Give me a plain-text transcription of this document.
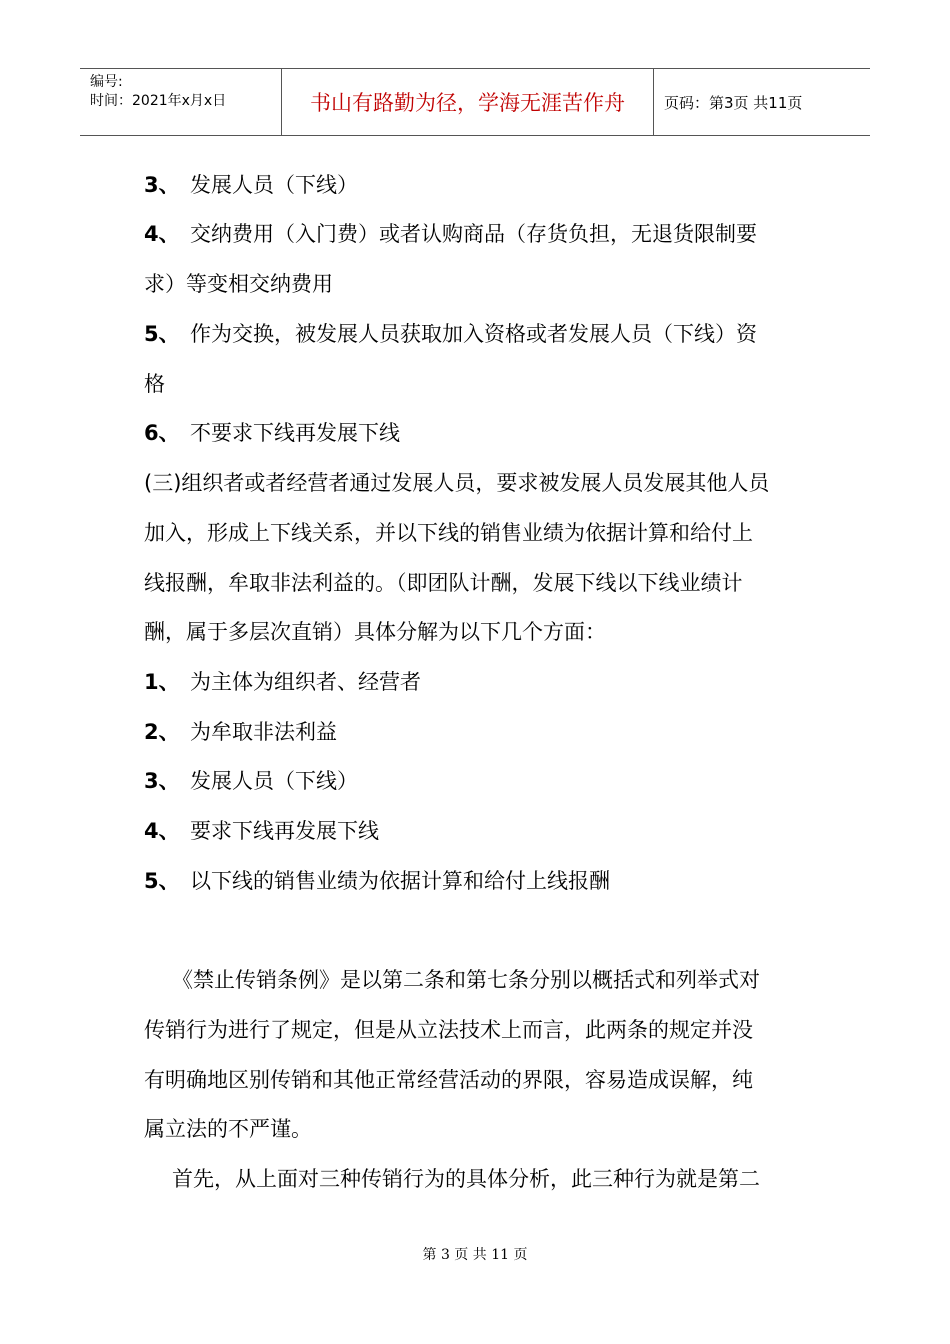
编号:
时间：2021年x月x日	书山有路勤为径，学海无涯苦作舟	页码：第3页 共11页
3、 发展人员（下线）
4、 交纳费用（入门费）或者认购商品（存货负担，无退货限制要
求）等变相交纳费用
5、 作为交换，被发展人员获取加入资格或者发展人员（下线）资
格
6、 不要求下线再发展下线
(三)组织者或者经营者通过发展人员，要求被发展人员发展其他人员
加入，形成上下线关系，并以下线的销售业绩为依据计算和给付上
线报酬，牟取非法利益的。（即团队计酬，发展下线以下线业绩计
酬，属于多层次直销）具体分解为以下几个方面：
1、 为主体为组织者、经营者
2、 为牟取非法利益
3、 发展人员（下线）
4、 要求下线再发展下线
5、 以下线的销售业绩为依据计算和给付上线报酬
《禁止传销条例》是以第二条和第七条分别以概括式和列举式对
传销行为进行了规定，但是从立法技术上而言，此两条的规定并没
有明确地区别传销和其他正常经营活动的界限，容易造成误解，纯
属立法的不严谨。
首先，从上面对三种传销行为的具体分析，此三种行为就是第二
第 3 页 共 11 页
